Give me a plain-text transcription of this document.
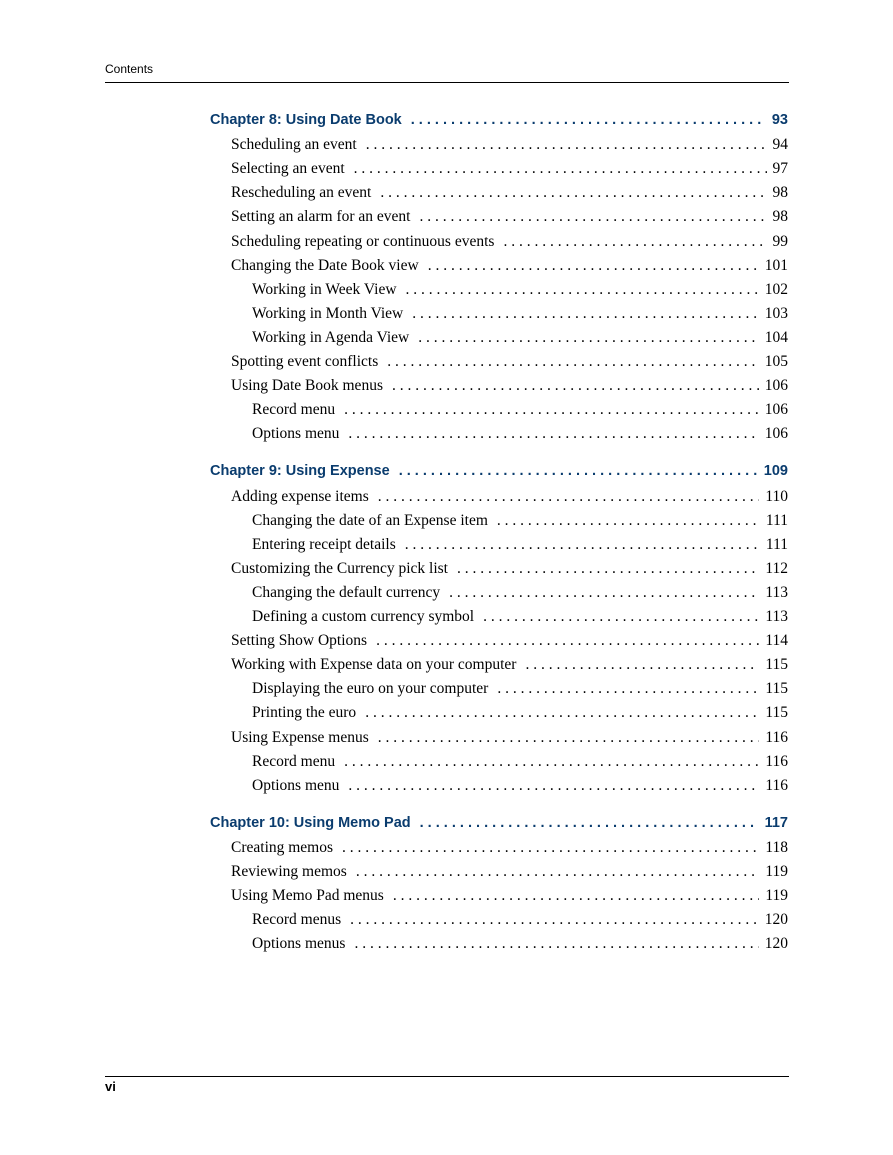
Contents
Chapter 8: Using Date Book . . .	93
Scheduling an event . . .	94
Selecting an event . . .	97
Rescheduling an event . . .	98
Setting an alarm for an event . . .	98
Scheduling repeating or continuous events . . .	99
Changing the Date Book view . . .	101
Working in Week View . . .	102
Working in Month View . . .	103
Working in Agenda View . . .	104
Spotting event conflicts . . .	105
Using Date Book menus . . .	106
Record menu . . .	106
Options menu . . .	106
Chapter 9: Using Expense . . .	109
Adding expense items . . .	110
Changing the date of an Expense item . . .	111
Entering receipt details . . .	111
Customizing the Currency pick list . . .	112
Changing the default currency . . .	113
Defining a custom currency symbol . . .	113
Setting Show Options . . .	114
Working with Expense data on your computer . . .	115
Displaying the euro on your computer . . .	115
Printing the euro . . .	115
Using Expense menus . . .	116
Record menu . . .	116
Options menu . . .	116
Chapter 10: Using Memo Pad . . .	117
Creating memos . . .	118
Reviewing memos . . .	119
Using Memo Pad menus . . .	119
Record menus . . .	120
Options menus . . .	120
vi
